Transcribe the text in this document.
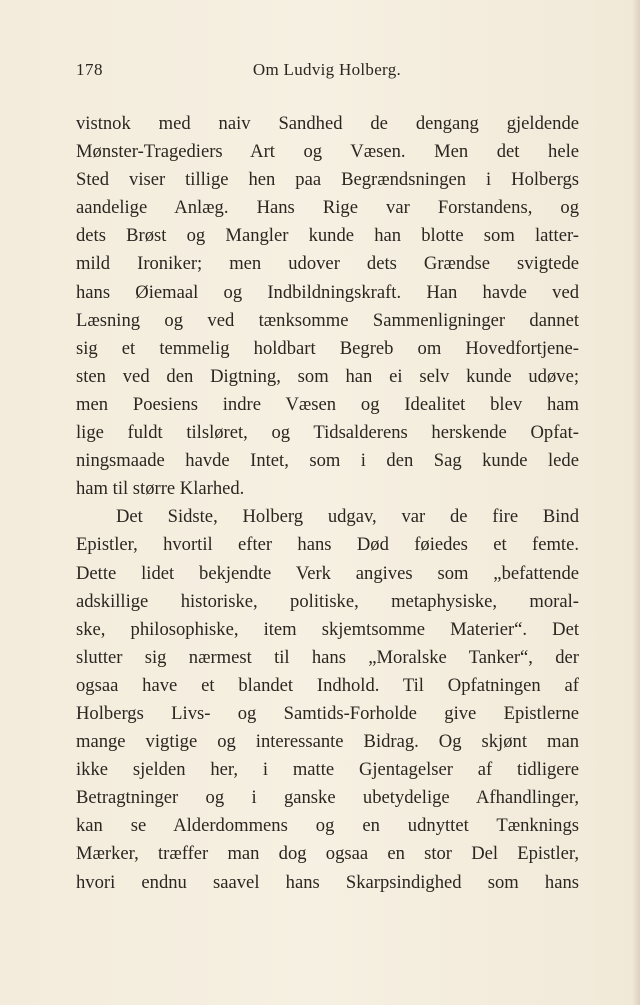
178	Om Ludvig Holberg.
vistnok med naiv Sandhed de dengang gjeldende
Mønster-Tragediers Art og Væsen. Men det hele
Sted viser tillige hen paa Begrændsningen i Holbergs
aandelige Anlæg. Hans Rige var Forstandens, og
dets Brøst og Mangler kunde han blotte som latter-
mild Ironiker; men udover dets Grændse svigtede
hans Øiemaal og Indbildningskraft. Han havde ved
Læsning og ved tænksomme Sammenligninger dannet
sig et temmelig holdbart Begreb om Hovedfortjene-
sten ved den Digtning, som han ei selv kunde udøve;
men Poesiens indre Væsen og Idealitet blev ham
lige fuldt tilsløret, og Tidsalderens herskende Opfat-
ningsmaade havde Intet, som i den Sag kunde lede
ham til større Klarhed.
Det Sidste, Holberg udgav, var de fire Bind
Epistler, hvortil efter hans Død føiedes et femte.
Dette lidet bekjendte Verk angives som „befattende
adskillige historiske, politiske, metaphysiske, moral-
ske, philosophiske, item skjemtsomme Materier“. Det
slutter sig nærmest til hans „Moralske Tanker“, der
ogsaa have et blandet Indhold. Til Opfatningen af
Holbergs Livs- og Samtids-Forholde give Epistlerne
mange vigtige og interessante Bidrag. Og skjønt man
ikke sjelden her, i matte Gjentagelser af tidligere
Betragtninger og i ganske ubetydelige Afhandlinger,
kan se Alderdommens og en udnyttet Tænknings
Mærker, træffer man dog ogsaa en stor Del Epistler,
hvori endnu saavel hans Skarpsindighed som hans
